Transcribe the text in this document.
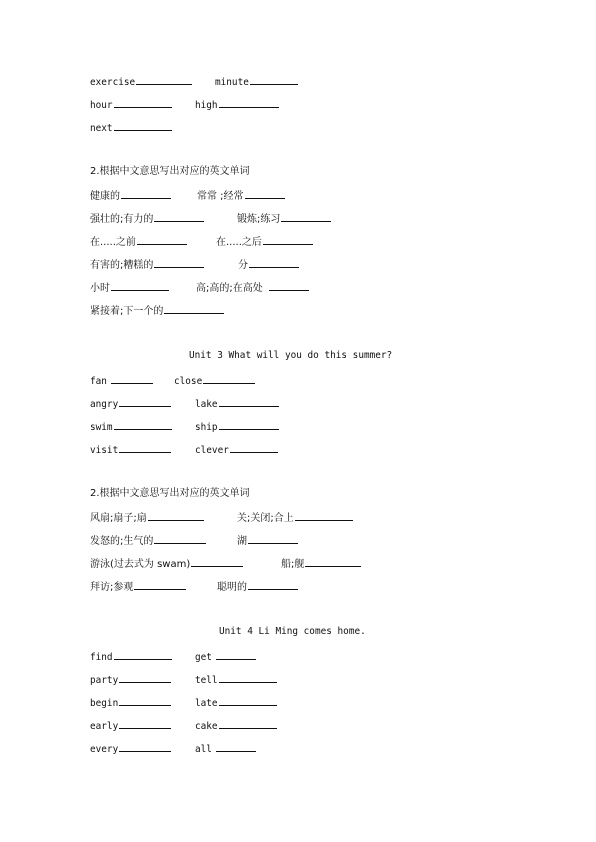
exercise	minute
hour	high
next
2.根据中文意思写出对应的英文单词
健康的	常常 ;经常
强壮的;有力的	锻炼;练习
在.....之前	在.....之后
有害的;糟糕的	分
小时	高;高的;在高处
紧接着;下一个的
Unit 3 What will you do this summer?
fan	close
angry	lake
swim	ship
visit	clever
2.根据中文意思写出对应的英文单词
风扇;扇子;扇	关;关闭;合上
发怒的;生气的	湖
游泳(过去式为 swam)	船;舰
拜访;参观	聪明的
Unit 4 Li Ming comes home.
find	get
party	tell
begin	late
early	cake
every	all
